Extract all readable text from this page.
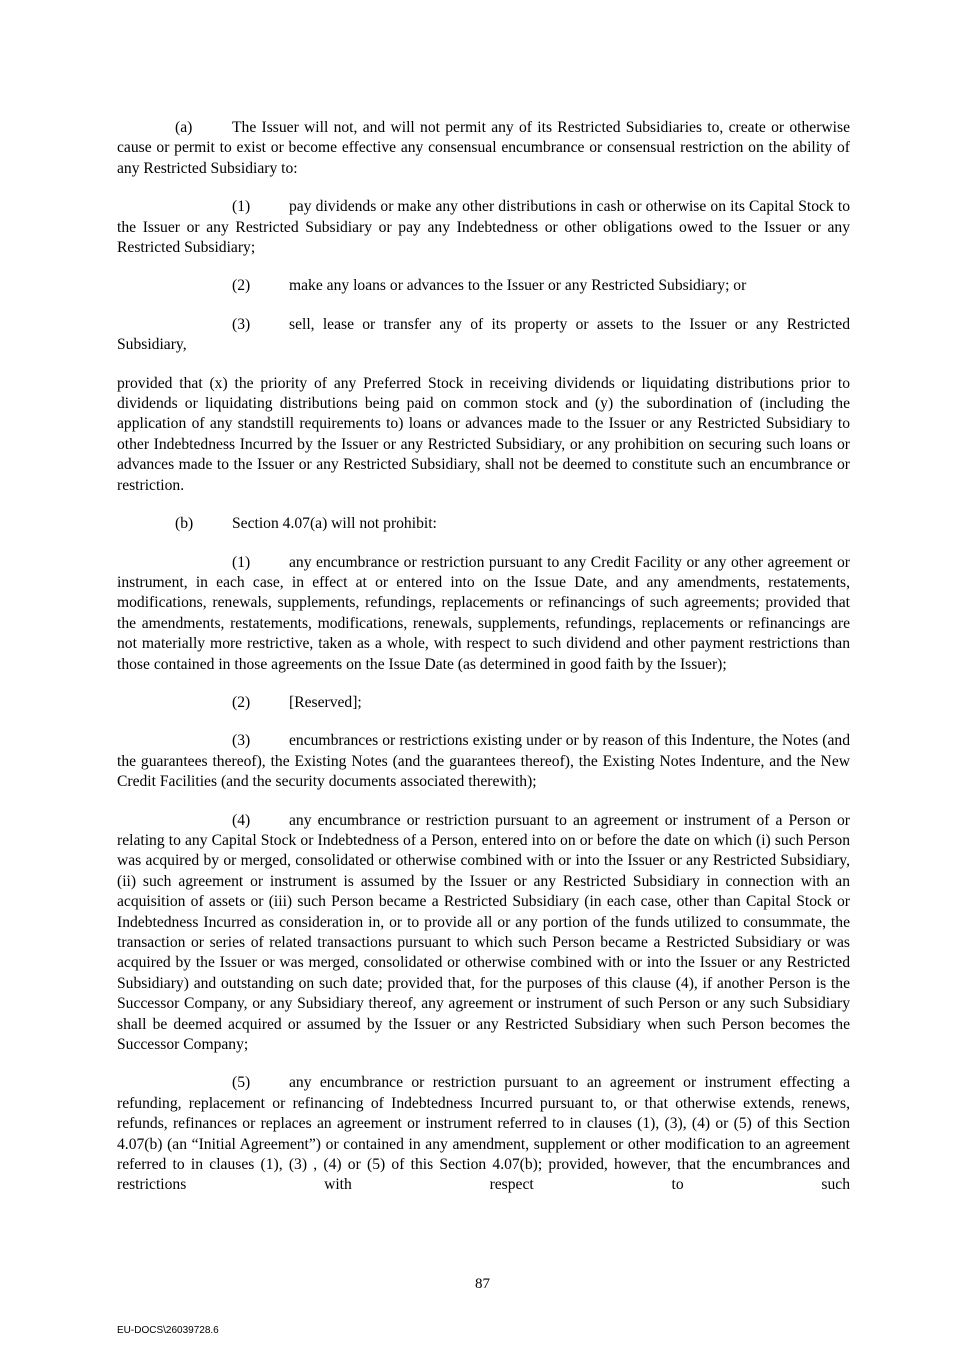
(a)	The Issuer will not, and will not permit any of its Restricted Subsidiaries to, create or otherwise cause or permit to exist or become effective any consensual encumbrance or consensual restriction on the ability of any Restricted Subsidiary to:

(1) pay dividends or make any other distributions in cash or otherwise on its Capital Stock to the Issuer or any Restricted Subsidiary or pay any Indebtedness or other obligations owed to the Issuer or any Restricted Subsidiary;

(2) make any loans or advances to the Issuer or any Restricted Subsidiary; or

(3) sell, lease or transfer any of its property or assets to the Issuer or any Restricted

Subsidiary,

provided that (x) the priority of any Preferred Stock in receiving dividends or liquidating distributions prior to dividends or liquidating distributions being paid on common stock and (y) the subordination of (including the application of any standstill requirements to) loans or advances made to the Issuer or any Restricted Subsidiary to other Indebtedness Incurred by the Issuer or any Restricted Subsidiary, or any prohibition on securing such loans or advances made to the Issuer or any Restricted Subsidiary, shall not be deemed to constitute such an encumbrance or restriction.

(b) Section 4.07(a) will not prohibit:

(1) any encumbrance or restriction pursuant to any Credit Facility or any other agreement or instrument, in each case, in effect at or entered into on the Issue Date, and any amendments, restatements, modifications, renewals, supplements, refundings, replacements or refinancings of such agreements; provided that the amendments, restatements, modifications, renewals, supplements, refundings, replacements or refinancings are not materially more restrictive, taken as a whole, with respect to such dividend and other payment restrictions than those contained in those agreements on the Issue Date (as determined in good faith by the Issuer);

(2) [Reserved];

(3) encumbrances or restrictions existing under or by reason of this Indenture, the Notes (and the guarantees thereof), the Existing Notes (and the guarantees thereof), the Existing Notes Indenture, and the New Credit Facilities (and the security documents associated therewith);

(4) any encumbrance or restriction pursuant to an agreement or instrument of a Person or relating to any Capital Stock or Indebtedness of a Person, entered into on or before the date on which (i) such Person was acquired by or merged, consolidated or otherwise combined with or into the Issuer or any Restricted Subsidiary, (ii) such agreement or instrument is assumed by the Issuer or any Restricted Subsidiary in connection with an acquisition of assets or (iii) such Person became a Restricted Subsidiary (in each case, other than Capital Stock or Indebtedness Incurred as consideration in, or to provide all or any portion of the funds utilized to consummate, the transaction or series of related transactions pursuant to which such Person became a Restricted Subsidiary or was acquired by the Issuer or was merged, consolidated or otherwise combined with or into the Issuer or any Restricted Subsidiary) and outstanding on such date; provided that, for the purposes of this clause (4), if another Person is the Successor Company, or any Subsidiary thereof, any agreement or instrument of such Person or any such Subsidiary shall be deemed acquired or assumed by the Issuer or any Restricted Subsidiary when such Person becomes the Successor Company;

(5) any encumbrance or restriction pursuant to an agreement or instrument effecting a refunding, replacement or refinancing of Indebtedness Incurred pursuant to, or that otherwise extends, renews, refunds, refinances or replaces an agreement or instrument referred to in clauses (1), (3), (4) or (5) of this Section 4.07(b) (an “Initial Agreement”) or contained in any amendment, supplement or other modification to an agreement referred to in clauses (1), (3) , (4) or (5) of this Section 4.07(b); provided, however, that the encumbrances and restrictions with respect to such

87
EU-DOCS\26039728.6
